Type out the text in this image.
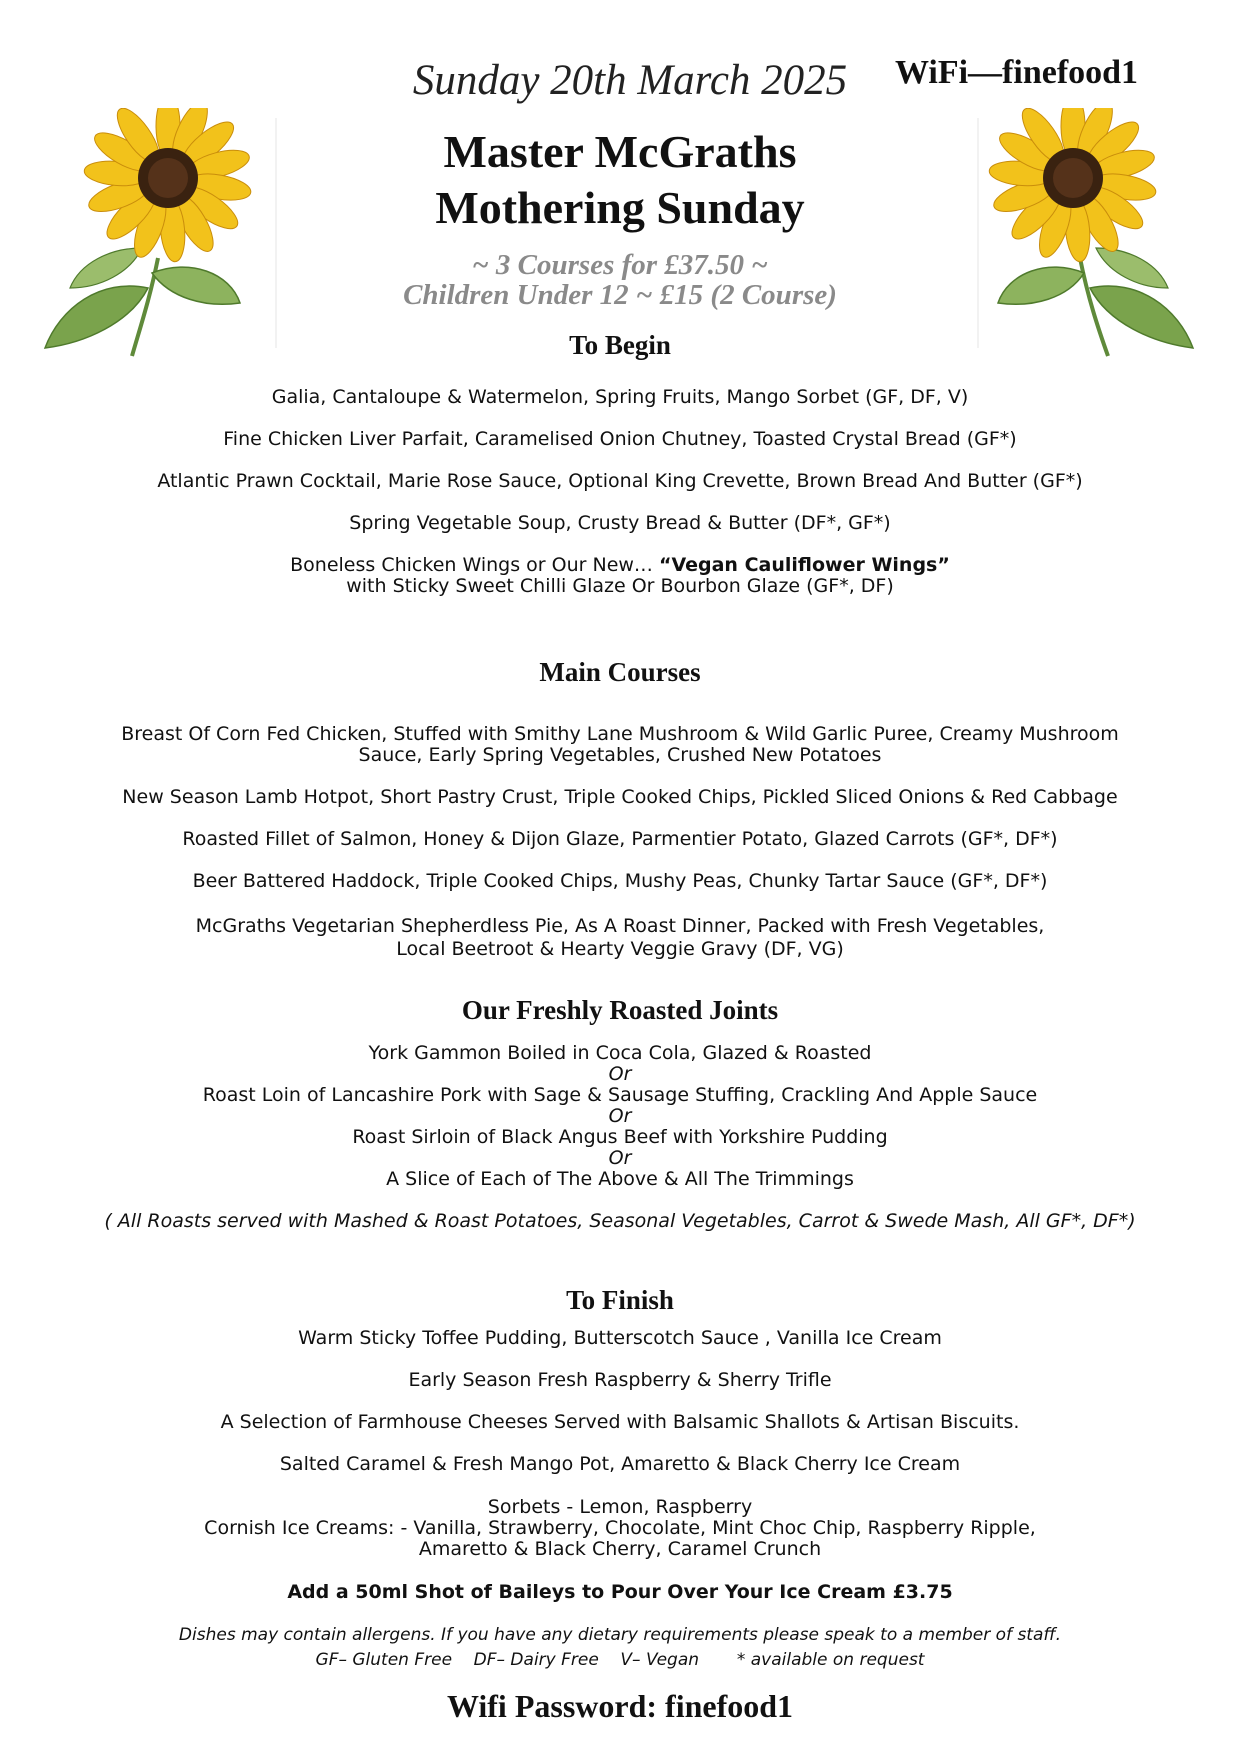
Sunday 20th March 2025	WiFi—finefood1
Master McGraths
Mothering Sunday
~ 3 Courses for £37.50 ~
Children Under 12 ~ £15 (2 Course)
To Begin
Galia, Cantaloupe & Watermelon, Spring Fruits, Mango Sorbet (GF, DF, V)
Fine Chicken Liver Parfait, Caramelised Onion Chutney, Toasted Crystal Bread (GF*)
Atlantic Prawn Cocktail, Marie Rose Sauce, Optional King Crevette, Brown Bread And Butter (GF*)
Spring Vegetable Soup, Crusty Bread & Butter (DF*, GF*)
Boneless Chicken Wings or Our New… “Vegan Cauliflower Wings”
with Sticky Sweet Chilli Glaze Or Bourbon Glaze (GF*, DF)
Main Courses
Breast Of Corn Fed Chicken, Stuffed with Smithy Lane Mushroom & Wild Garlic Puree, Creamy Mushroom
Sauce, Early Spring Vegetables, Crushed New Potatoes
New Season Lamb Hotpot, Short Pastry Crust, Triple Cooked Chips, Pickled Sliced Onions & Red Cabbage
Roasted Fillet of Salmon, Honey & Dijon Glaze, Parmentier Potato, Glazed Carrots (GF*, DF*)
Beer Battered Haddock, Triple Cooked Chips, Mushy Peas, Chunky Tartar Sauce (GF*, DF*)
McGraths Vegetarian Shepherdless Pie, As A Roast Dinner, Packed with Fresh Vegetables,
Local Beetroot & Hearty Veggie Gravy (DF, VG)
Our Freshly Roasted Joints
York Gammon Boiled in Coca Cola, Glazed & Roasted
Or
Roast Loin of Lancashire Pork with Sage & Sausage Stuffing, Crackling And Apple Sauce
Or
Roast Sirloin of Black Angus Beef with Yorkshire Pudding
Or
A Slice of Each of The Above & All The Trimmings
( All Roasts served with Mashed & Roast Potatoes, Seasonal Vegetables, Carrot & Swede Mash, All GF*, DF*)
To Finish
Warm Sticky Toffee Pudding, Butterscotch Sauce , Vanilla Ice Cream
Early Season Fresh Raspberry & Sherry Trifle
A Selection of Farmhouse Cheeses Served with Balsamic Shallots & Artisan Biscuits.
Salted Caramel & Fresh Mango Pot, Amaretto & Black Cherry Ice Cream
Sorbets - Lemon, Raspberry
Cornish Ice Creams: - Vanilla, Strawberry, Chocolate, Mint Choc Chip, Raspberry Ripple,
Amaretto & Black Cherry, Caramel Crunch
Add a 50ml Shot of Baileys to Pour Over Your Ice Cream £3.75
Dishes may contain allergens. If you have any dietary requirements please speak to a member of staff.
GF– Gluten Free    DF– Dairy Free    V– Vegan       * available on request
Wifi Password: finefood1
